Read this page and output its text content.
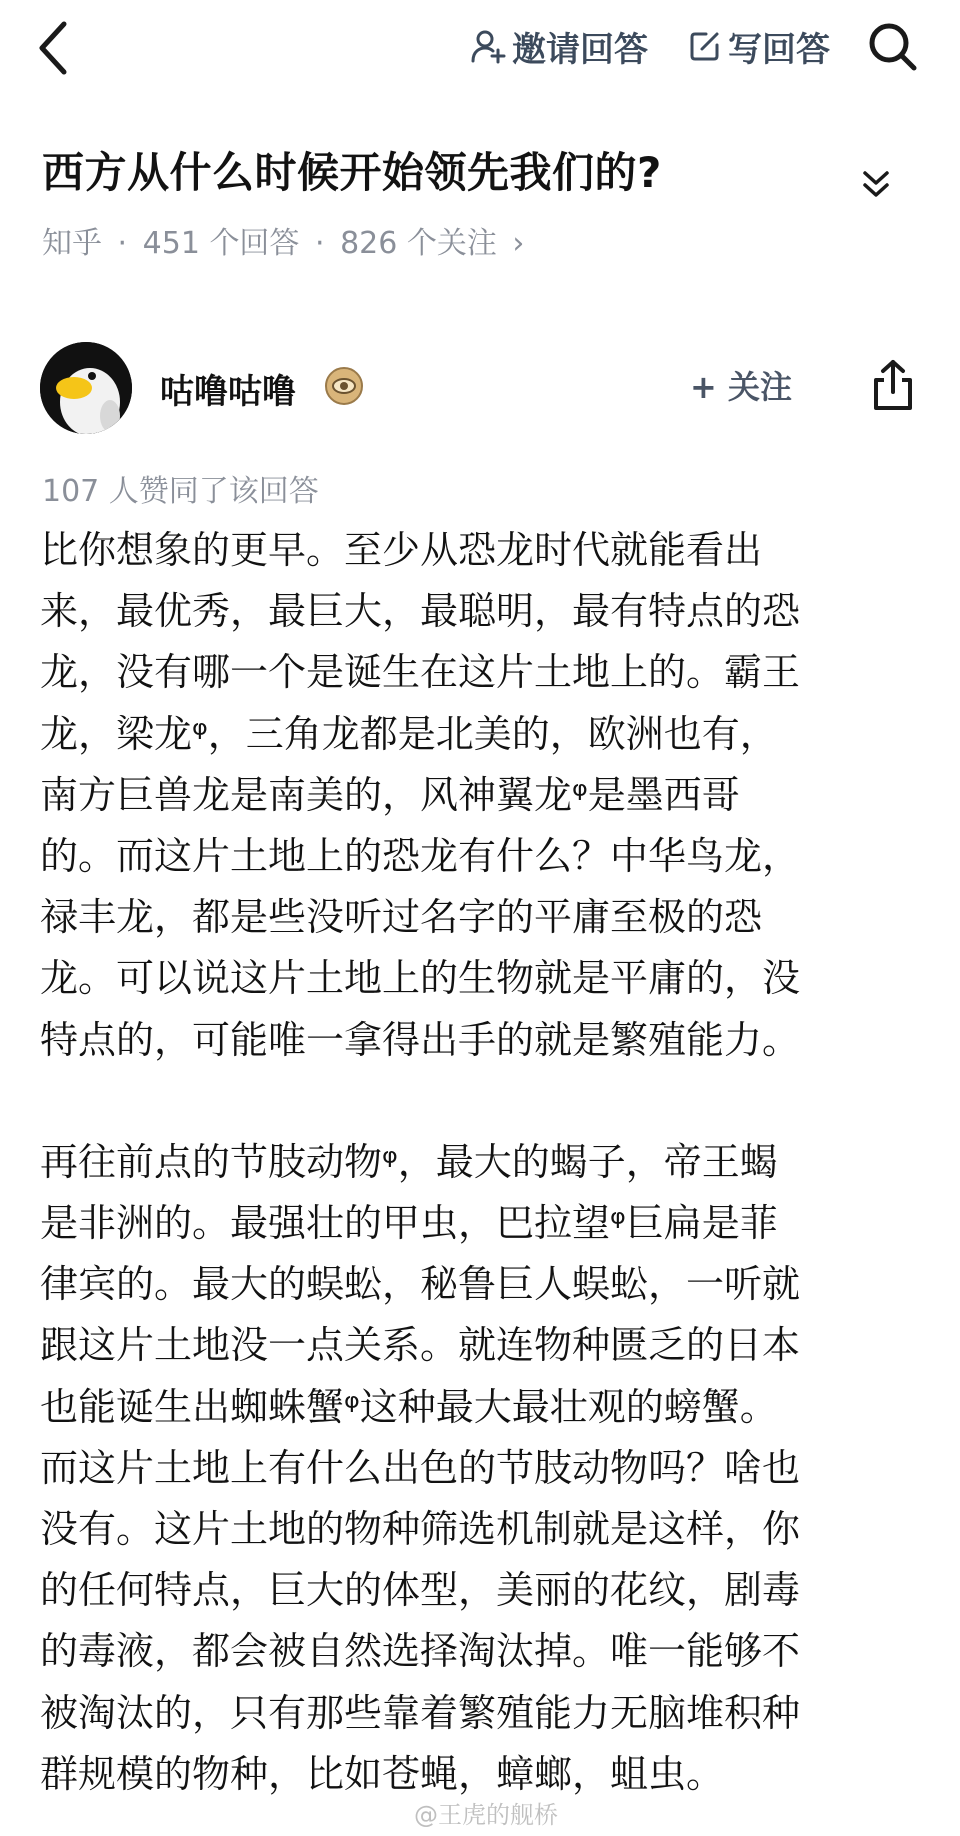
邀请回答 写回答
西方从什么时候开始领先我们的?
知乎 · 451 个回答 · 826 个关注 ›
咕噜咕噜	+ 关注
107 人赞同了该回答

比你想象的更早。至少从恐龙时代就能看出
来，最优秀，最巨大，最聪明，最有特点的恐
龙，没有哪一个是诞生在这片土地上的。霸王
龙，梁龙ᵠ，三角龙都是北美的，欧洲也有，
南方巨兽龙是南美的，风神翼龙ᵠ是墨西哥
的。而这片土地上的恐龙有什么？中华鸟龙，
禄丰龙，都是些没听过名字的平庸至极的恐
龙。可以说这片土地上的生物就是平庸的，没
特点的，可能唯一拿得出手的就是繁殖能力。

再往前点的节肢动物ᵠ，最大的蝎子，帝王蝎
是非洲的。最强壮的甲虫，巴拉望ᵠ巨扁是菲
律宾的。最大的蜈蚣，秘鲁巨人蜈蚣，一听就
跟这片土地没一点关系。就连物种匮乏的日本
也能诞生出蜘蛛蟹ᵠ这种最大最壮观的螃蟹。
而这片土地上有什么出色的节肢动物吗？啥也
没有。这片土地的物种筛选机制就是这样，你
的任何特点，巨大的体型，美丽的花纹，剧毒
的毒液，都会被自然选择淘汰掉。唯一能够不
被淘汰的，只有那些靠着繁殖能力无脑堆积种
群规模的物种，比如苍蝇，蟑螂，蛆虫。

@王虎的舰桥
